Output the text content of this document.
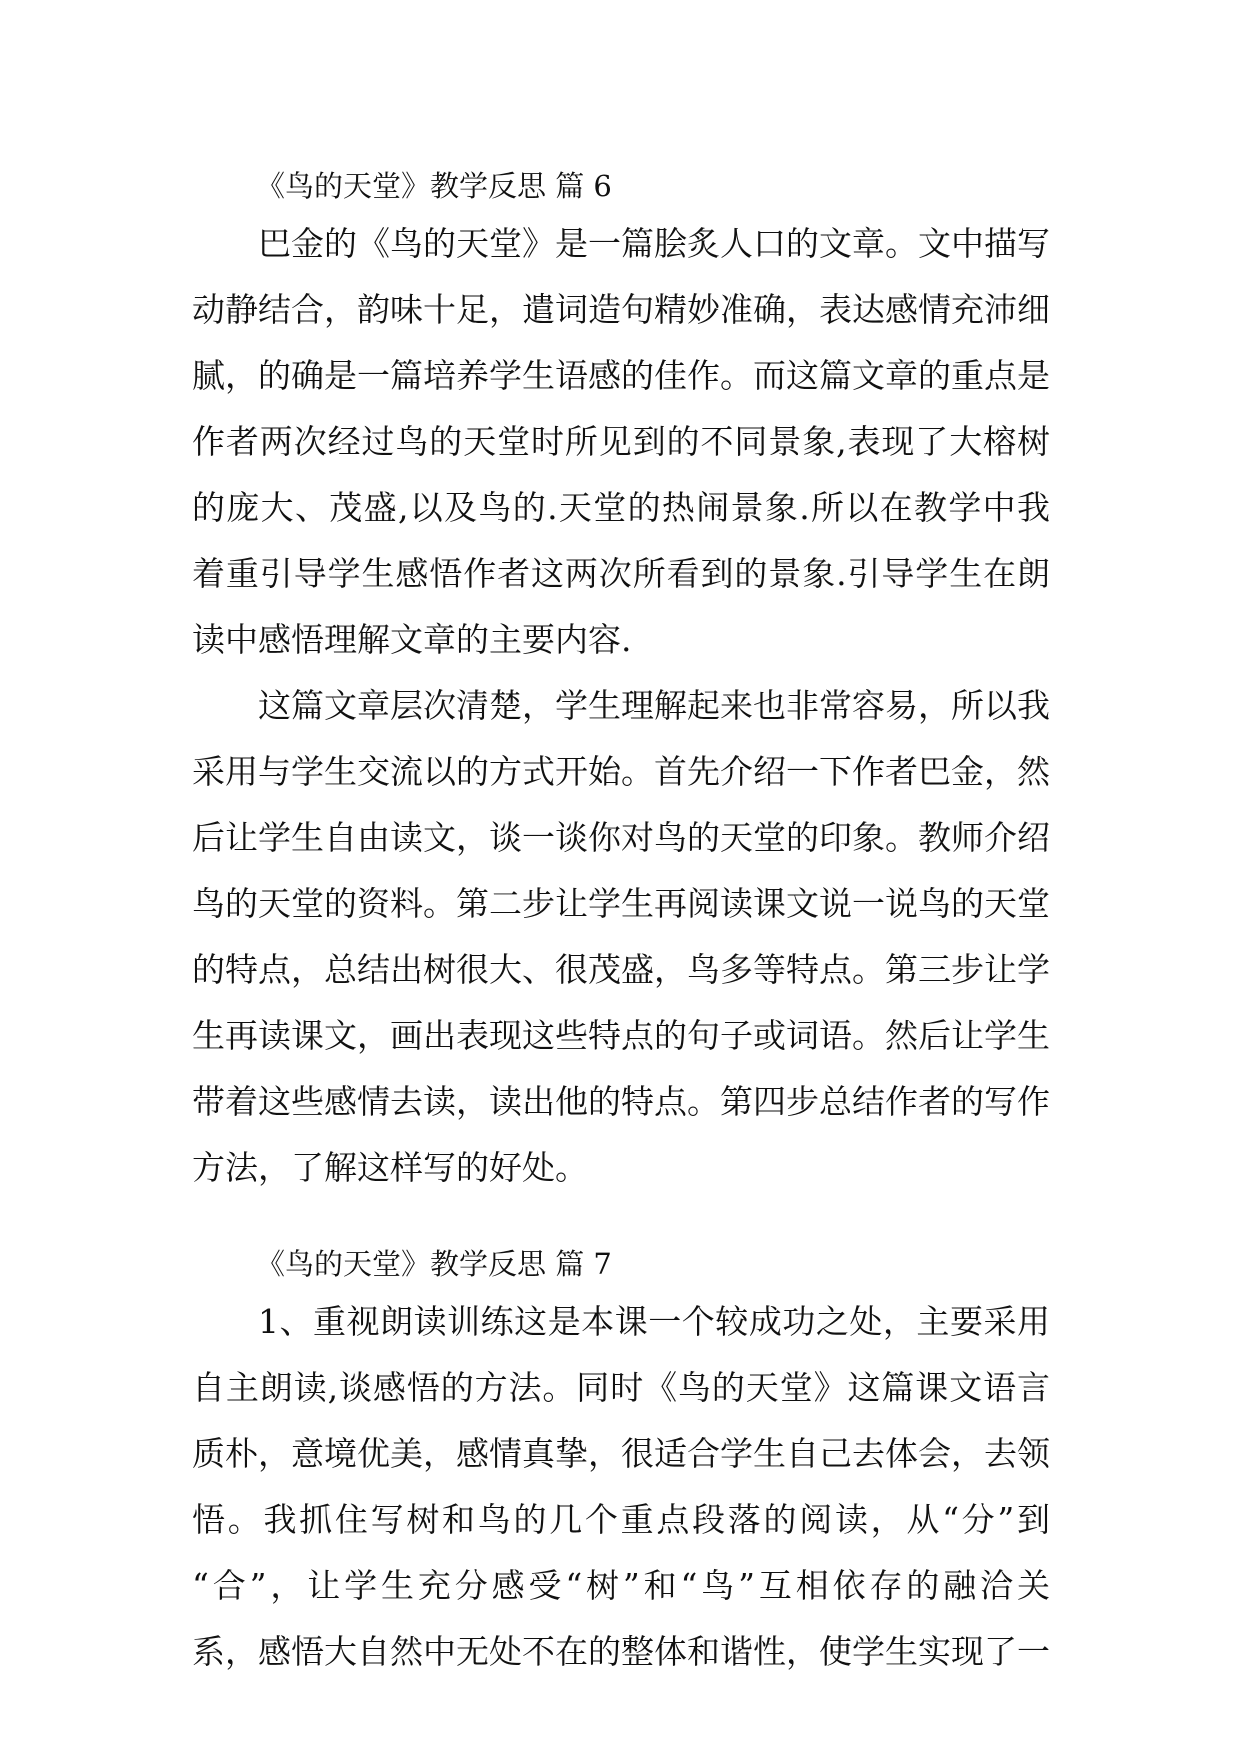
《鸟的天堂》教学反思 篇 6
巴金的《鸟的天堂》是一篇脍炙人口的文章。文中描写
动静结合，韵味十足，遣词造句精妙准确，表达感情充沛细
腻，的确是一篇培养学生语感的佳作。而这篇文章的重点是
作者两次经过鸟的天堂时所见到的不同景象,表现了大榕树
的庞大、茂盛,以及鸟的.天堂的热闹景象.所以在教学中我
着重引导学生感悟作者这两次所看到的景象.引导学生在朗
读中感悟理解文章的主要内容.
这篇文章层次清楚，学生理解起来也非常容易，所以我
采用与学生交流以的方式开始。首先介绍一下作者巴金，然
后让学生自由读文，谈一谈你对鸟的天堂的印象。教师介绍
鸟的天堂的资料。第二步让学生再阅读课文说一说鸟的天堂
的特点，总结出树很大、很茂盛，鸟多等特点。第三步让学
生再读课文，画出表现这些特点的句子或词语。然后让学生
带着这些感情去读，读出他的特点。第四步总结作者的写作
方法，了解这样写的好处。
《鸟的天堂》教学反思 篇 7
1、重视朗读训练这是本课一个较成功之处，主要采用
自主朗读,谈感悟的方法。同时《鸟的天堂》这篇课文语言
质朴，意境优美，感情真挚，很适合学生自己去体会，去领
悟。我抓住写树和鸟的几个重点段落的阅读，从“分”到
“合”，让学生充分感受“树”和“鸟”互相依存的融洽关
系，感悟大自然中无处不在的整体和谐性，使学生实现了一
